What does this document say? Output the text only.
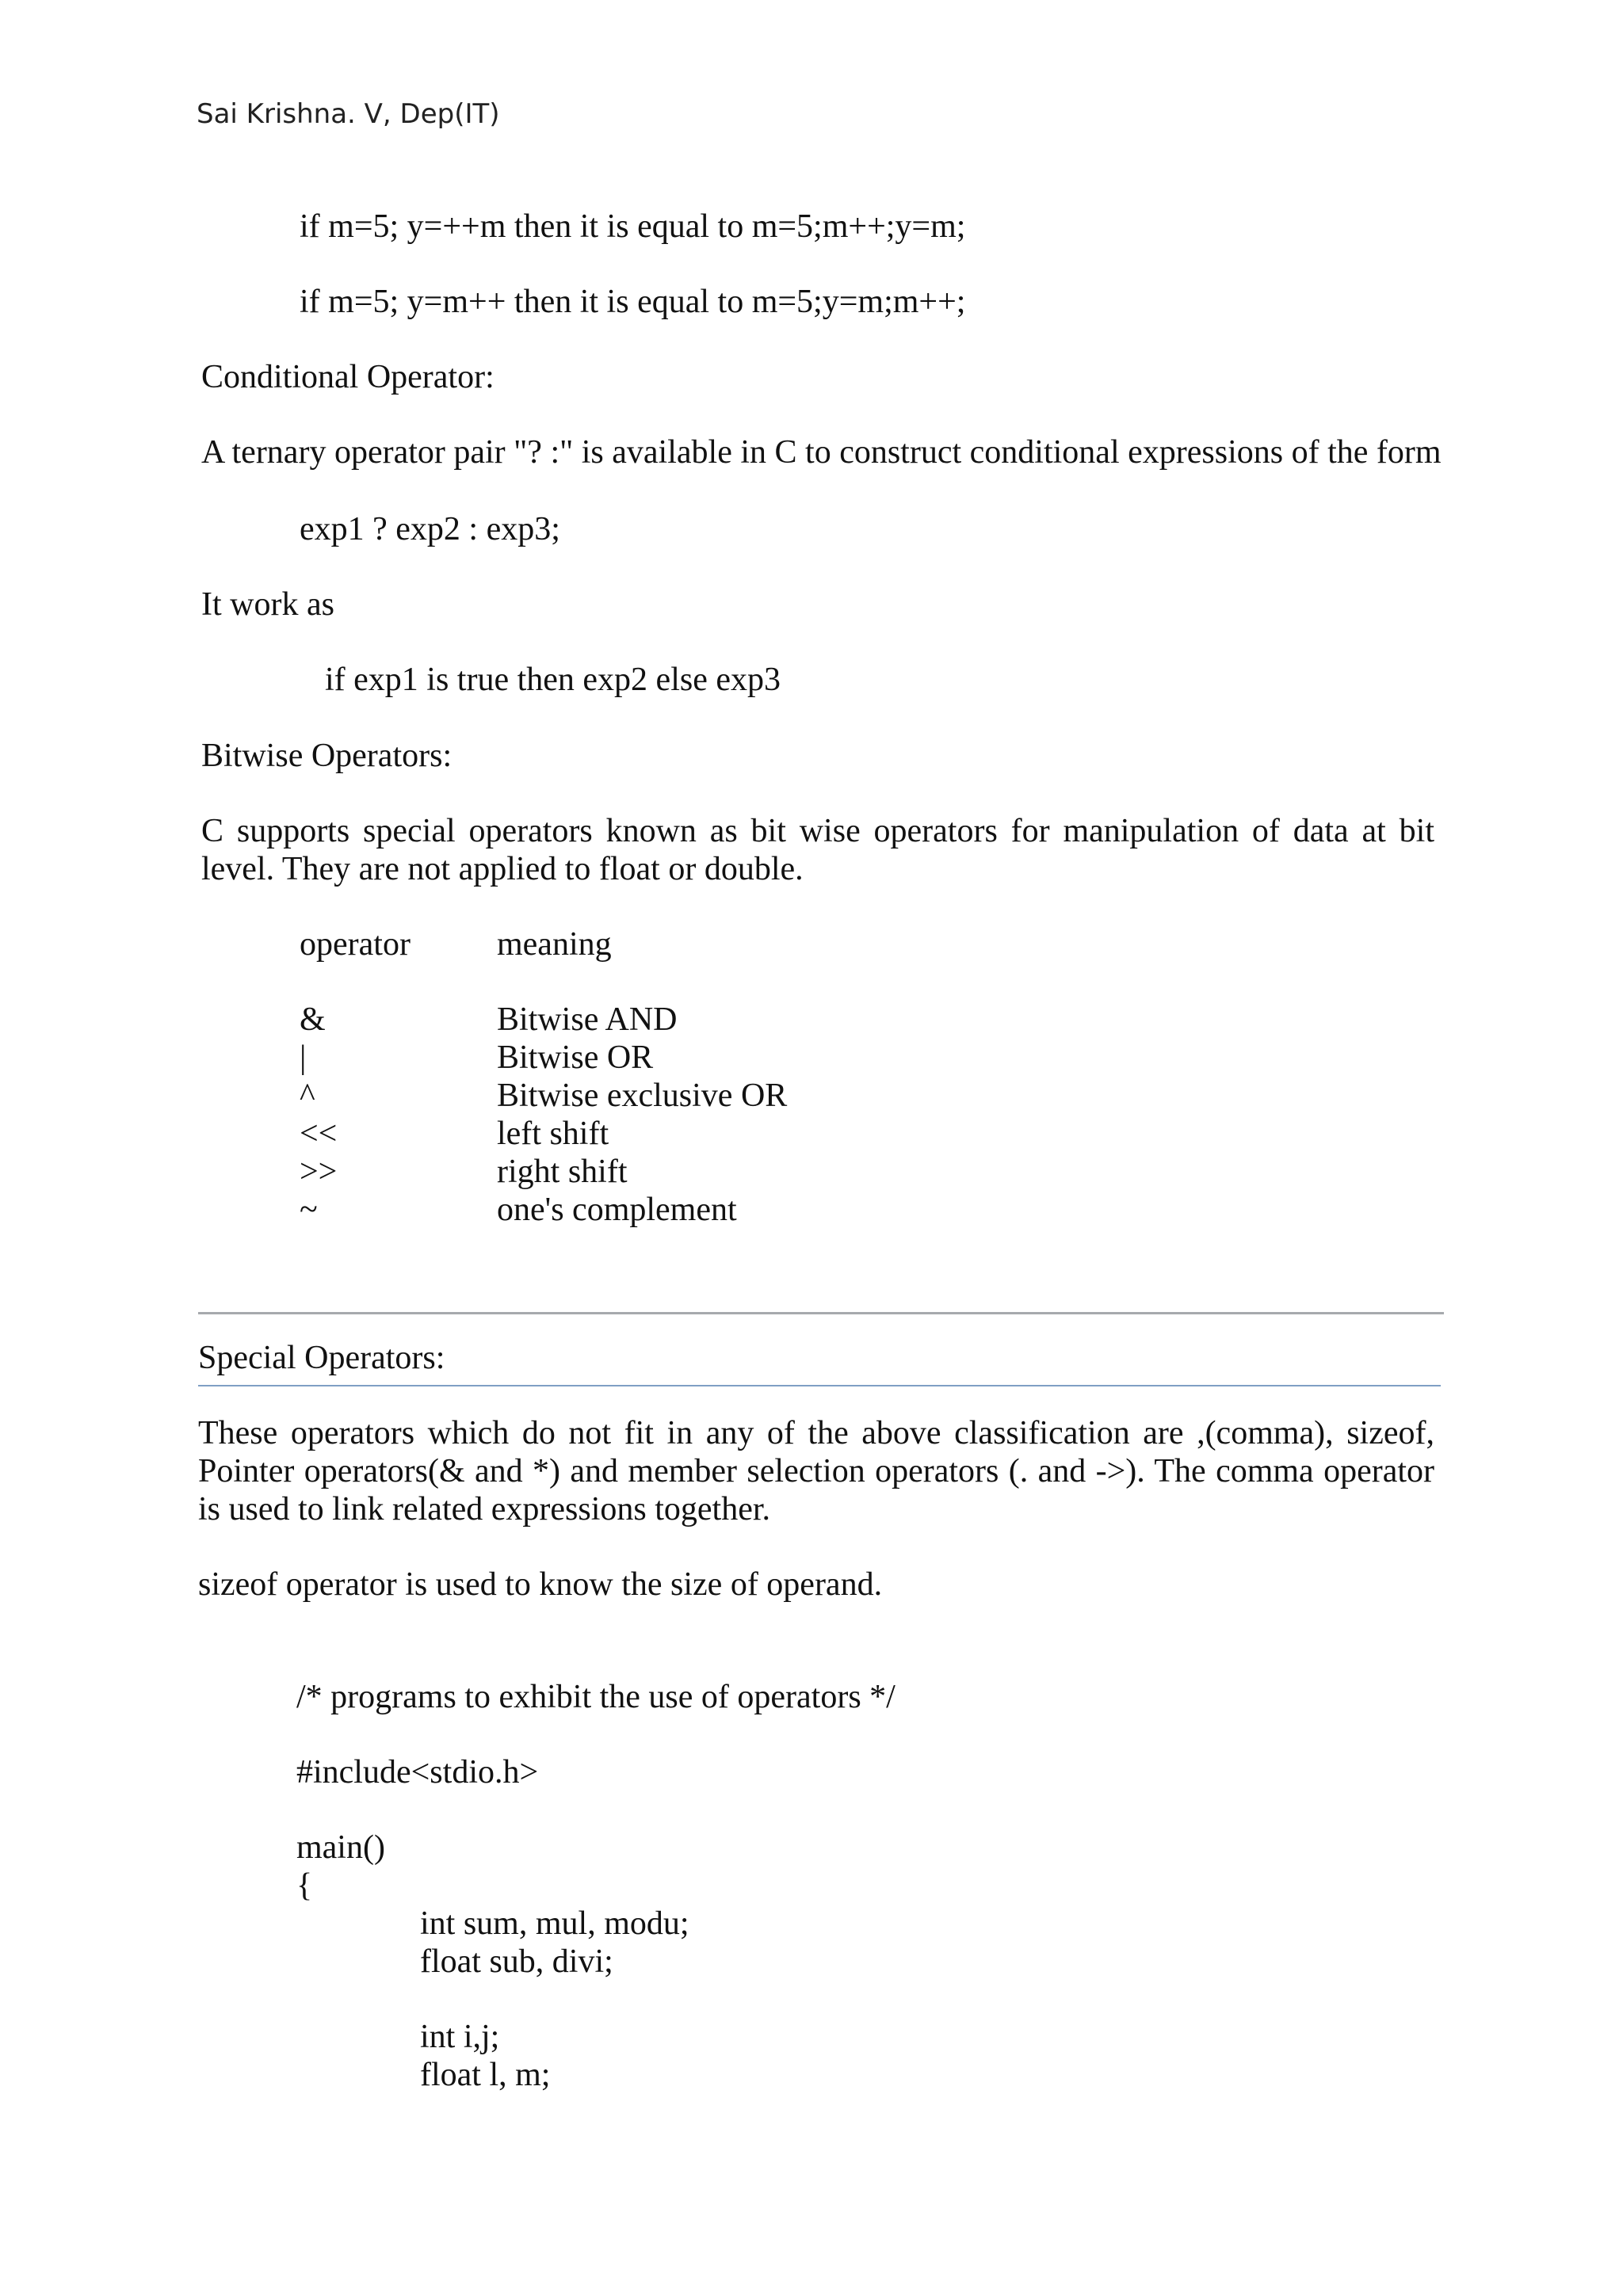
Sai Krishna. V, Dep(IT)
if m=5; y=++m then it is equal to m=5;m++;y=m;
if m=5; y=m++ then it is equal to m=5;y=m;m++;
Conditional Operator:
A ternary operator pair "? :" is available in C to construct conditional expressions of the form
exp1 ? exp2 : exp3;
It work as
if exp1 is true then exp2 else exp3
Bitwise Operators:
C supports special operators known as bit wise operators for manipulation of data at bit level. They are not applied to float or double.
operator	meaning
&	Bitwise AND
|	Bitwise OR
^	Bitwise exclusive OR
<<	left shift
>>	right shift
~	one's complement
Special Operators:
These operators which do not fit in any of the above classification are ,(comma), sizeof, Pointer operators(& and *) and member selection operators (. and ->). The comma operator is used to link related expressions together.
sizeof operator is used to know the size of operand.
/* programs to exhibit the use of operators */
#include<stdio.h>
main()
{
int sum, mul, modu;
float sub, divi;
int i,j;
float l, m;
